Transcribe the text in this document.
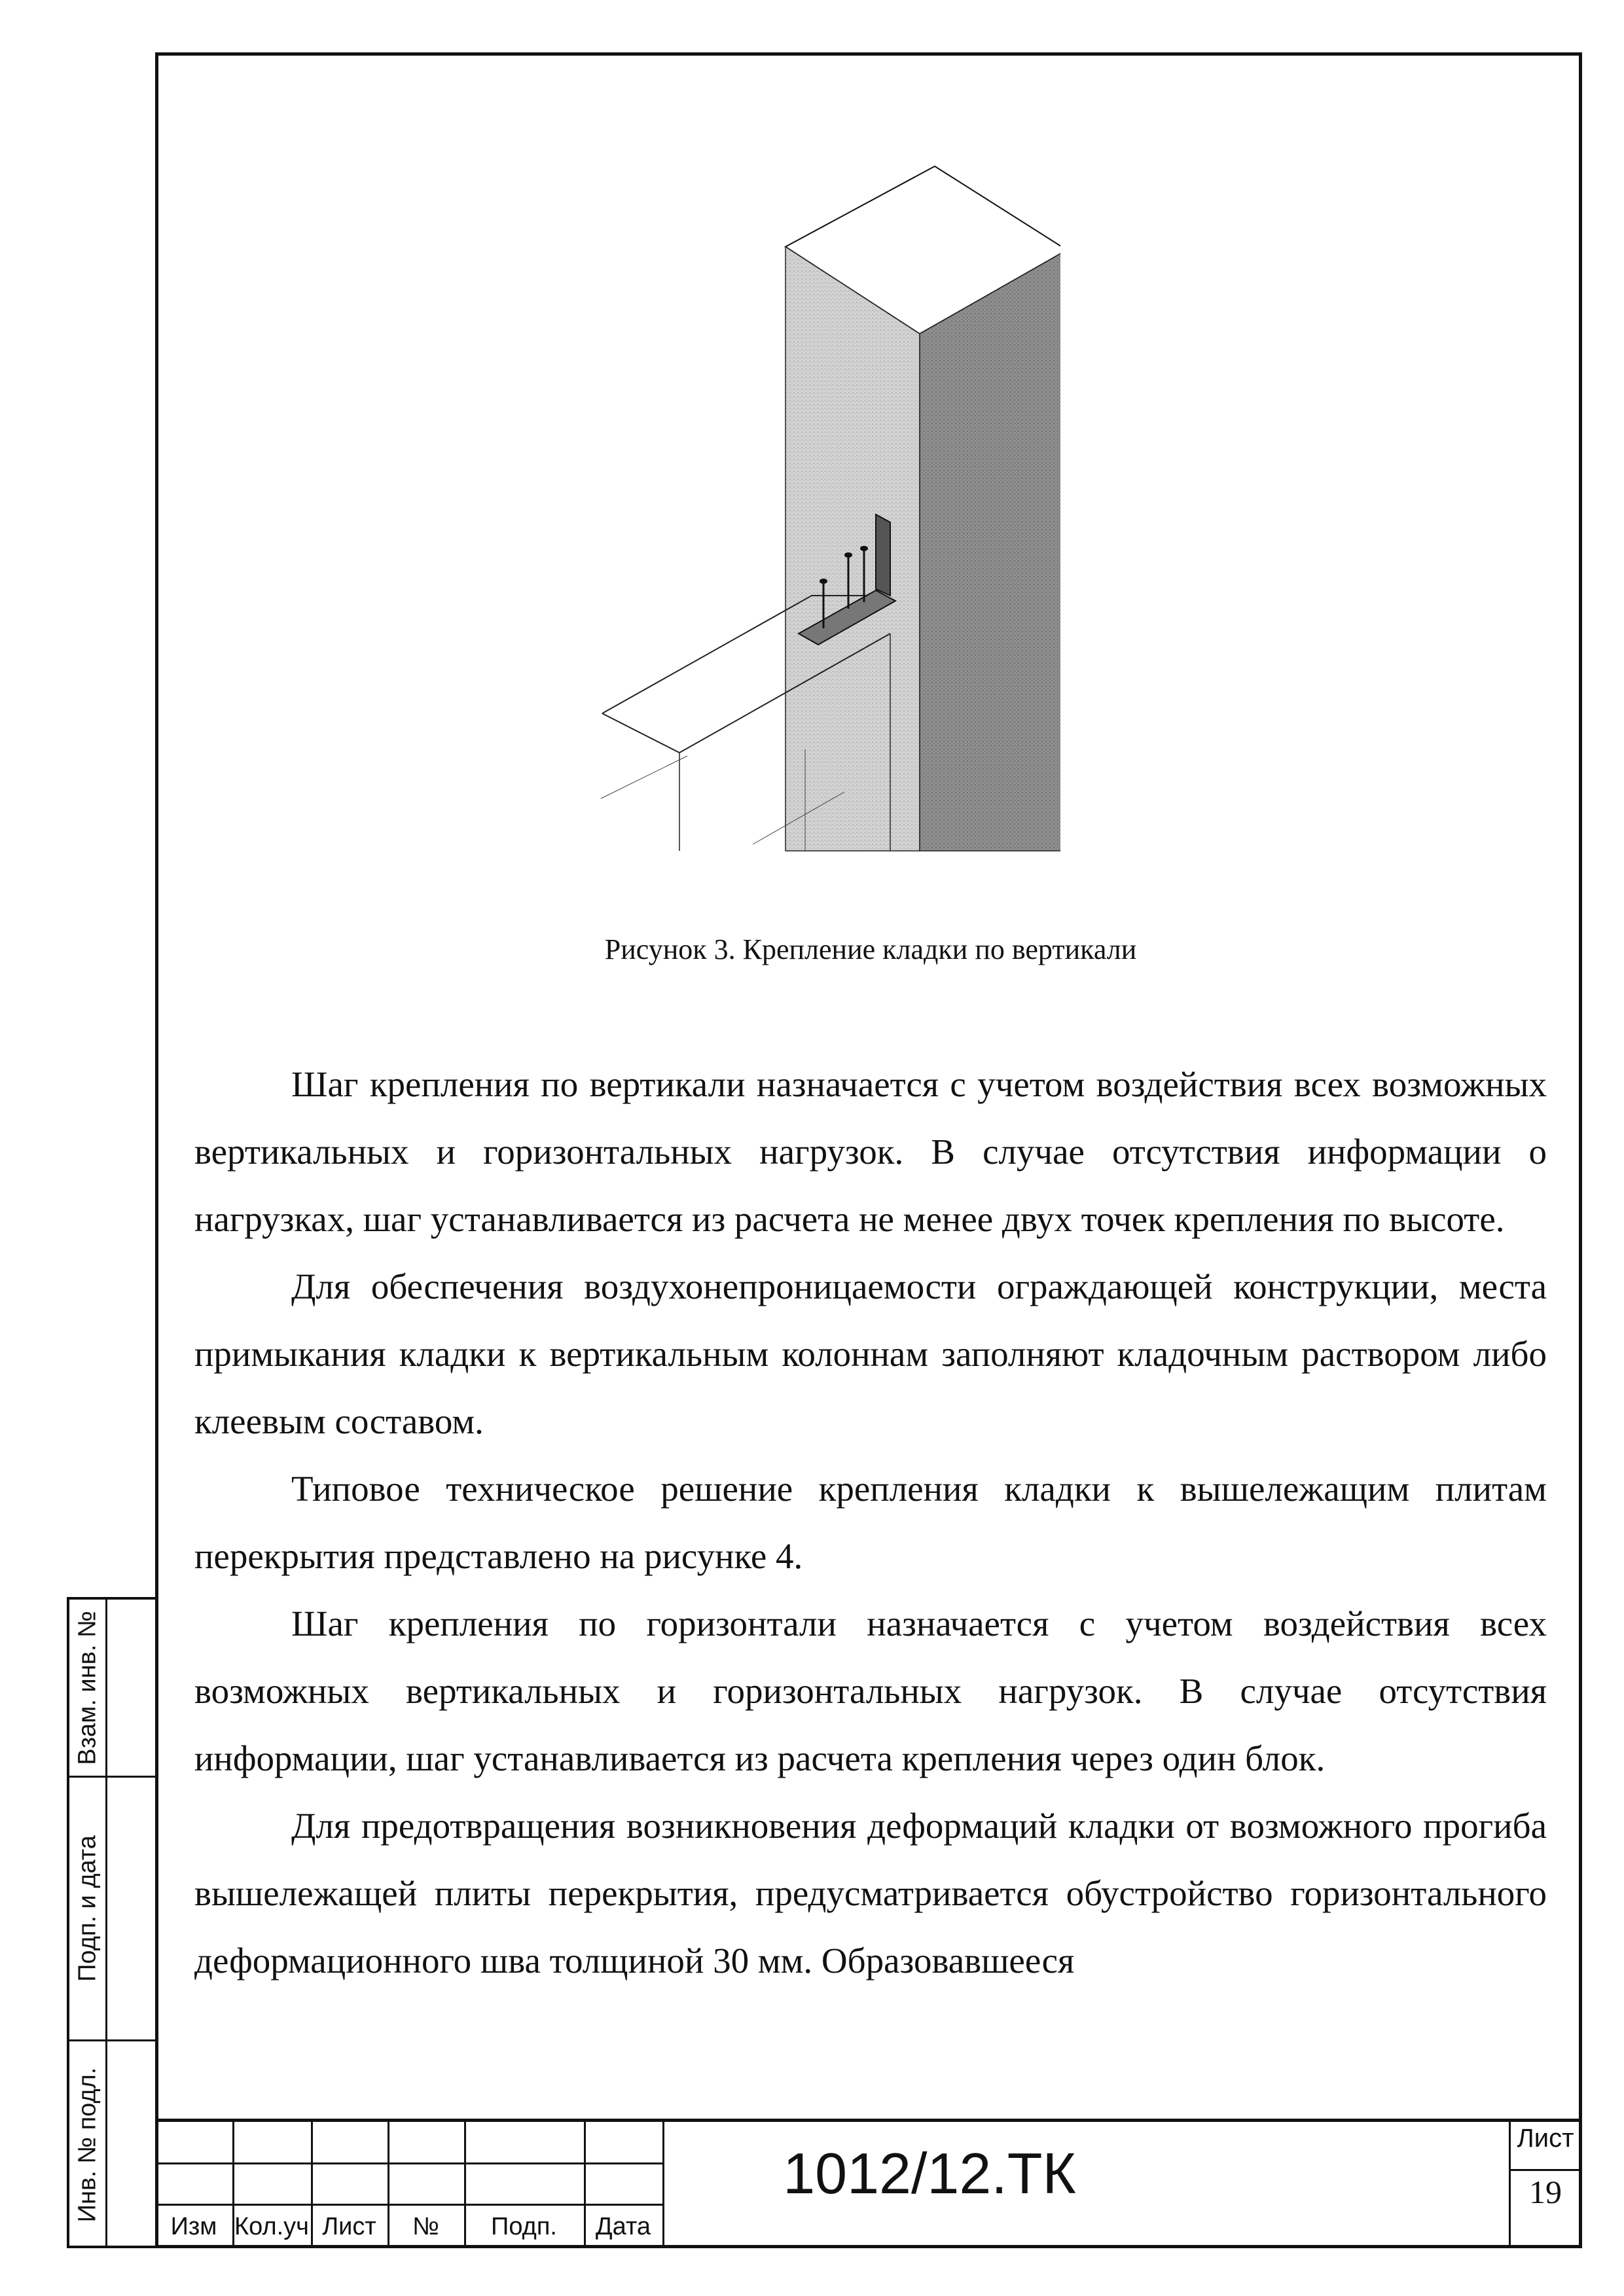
Взам. инв. №
Подп. и дата
Инв. № подл.
Рисунок 3. Крепление кладки по вертикали

Шаг крепления по вертикали назначается с учетом воздействия всех возможных вертикальных и горизонтальных нагрузок. В случае отсутствия информации о нагрузках, шаг устанавливается из расчета не менее двух точек крепления по высоте.

Для обеспечения воздухонепроницаемости ограждающей конструкции, места примыкания кладки к вертикальным колоннам заполняют кладочным раствором либо клеевым составом.

Типовое техническое решение крепления кладки к вышележащим плитам перекрытия представлено на рисунке 4.

Шаг крепления по горизонтали назначается с учетом воздействия всех возможных вертикальных и горизонтальных нагрузок. В случае отсутствия информации, шаг устанавливается из расчета крепления через один блок.

Для предотвращения возникновения деформаций кладки от возможного прогиба вышележащей плиты перекрытия, предусматривается обустройство горизонтального деформационного шва толщиной 30 мм. Образовавшееся

Изм Кол.уч Лист	№	Подп.	Дата
1012/12.ТК
Лист
19
